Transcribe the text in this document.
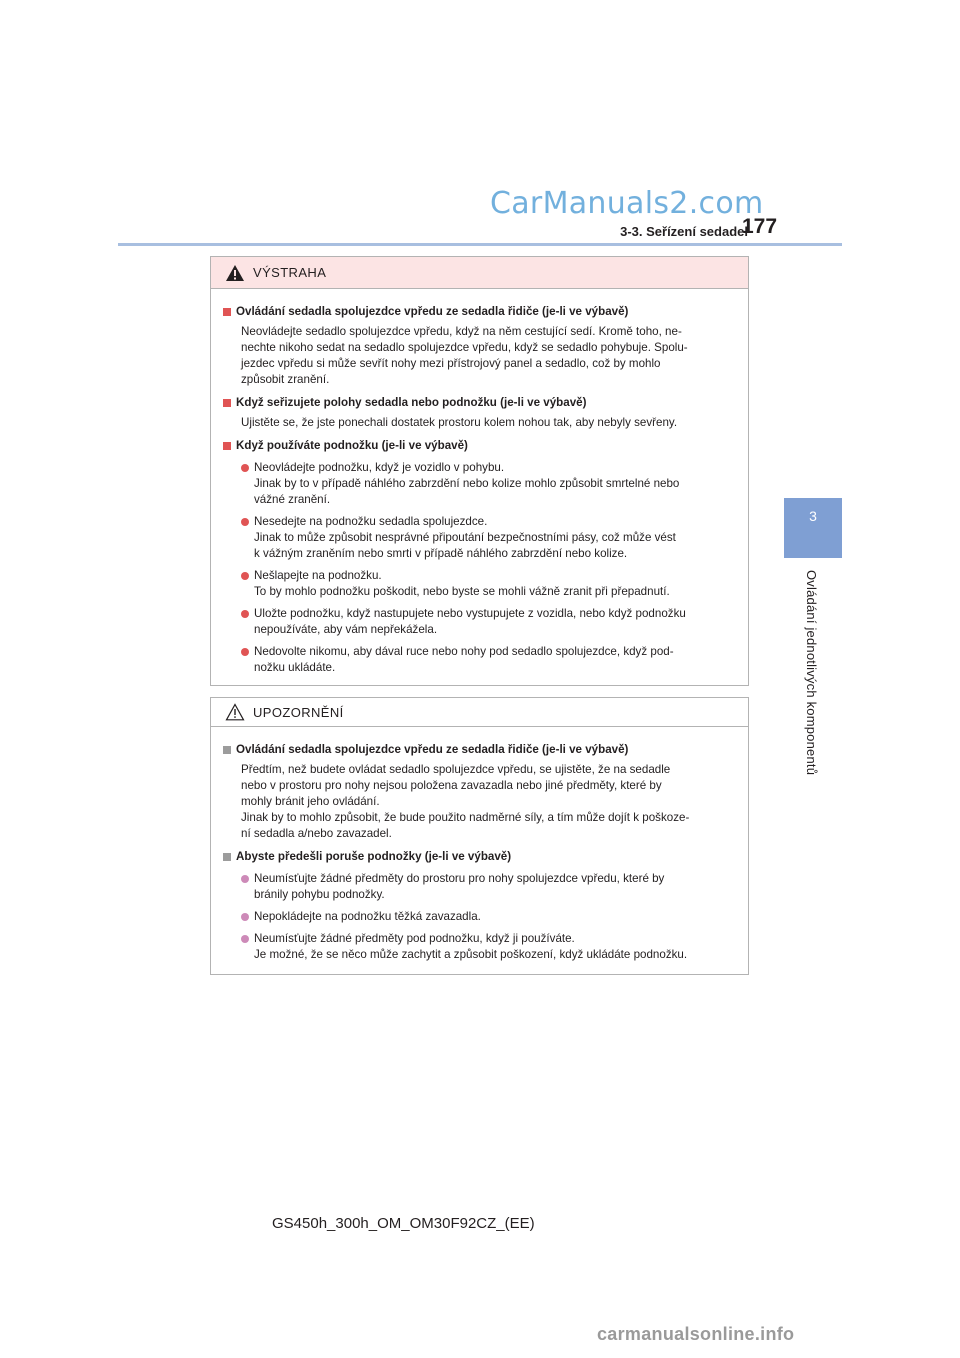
CarManuals2.com
177
3-3. Seřízení sedadel
3
Ovládání jednotlivých komponentů
VÝSTRAHA
Ovládání sedadla spolujezdce vpředu ze sedadla řidiče (je-li ve výbavě)
Neovládejte sedadlo spolujezdce vpředu, když na něm cestující sedí. Kromě toho, ne-
nechte nikoho sedat na sedadlo spolujezdce vpředu, když se sedadlo pohybuje. Spolu-
jezdec vpředu si může sevřít nohy mezi přístrojový panel a sedadlo, což by mohlo
způsobit zranění.
Když seřizujete polohy sedadla nebo podnožku (je-li ve výbavě)
Ujistěte se, že jste ponechali dostatek prostoru kolem nohou tak, aby nebyly sevřeny.
Když používáte podnožku (je-li ve výbavě)
Neovládejte podnožku, když je vozidlo v pohybu.
Jinak by to v případě náhlého zabrzdění nebo kolize mohlo způsobit smrtelné nebo
vážné zranění.
Nesedejte na podnožku sedadla spolujezdce.
Jinak to může způsobit nesprávné připoutání bezpečnostními pásy, což může vést
k vážným zraněním nebo smrti v případě náhlého zabrzdění nebo kolize.
Nešlapejte na podnožku.
To by mohlo podnožku poškodit, nebo byste se mohli vážně zranit při přepadnutí.
Uložte podnožku, když nastupujete nebo vystupujete z vozidla, nebo když podnožku
nepoužíváte, aby vám nepřekážela.
Nedovolte nikomu, aby dával ruce nebo nohy pod sedadlo spolujezdce, když pod-
nožku ukládáte.
UPOZORNĚNÍ
Ovládání sedadla spolujezdce vpředu ze sedadla řidiče (je-li ve výbavě)
Předtím, než budete ovládat sedadlo spolujezdce vpředu, se ujistěte, že na sedadle
nebo v prostoru pro nohy nejsou položena zavazadla nebo jiné předměty, které by
mohly bránit jeho ovládání.
Jinak by to mohlo způsobit, že bude použito nadměrné síly, a tím může dojít k poškoze-
ní sedadla a/nebo zavazadel.
Abyste předešli poruše podnožky (je-li ve výbavě)
Neumísťujte žádné předměty do prostoru pro nohy spolujezdce vpředu, které by
bránily pohybu podnožky.
Nepokládejte na podnožku těžká zavazadla.
Neumísťujte žádné předměty pod podnožku, když ji používáte.
Je možné, že se něco může zachytit a způsobit poškození, když ukládáte podnožku.
GS450h_300h_OM_OM30F92CZ_(EE)
carmanualsonline.info
